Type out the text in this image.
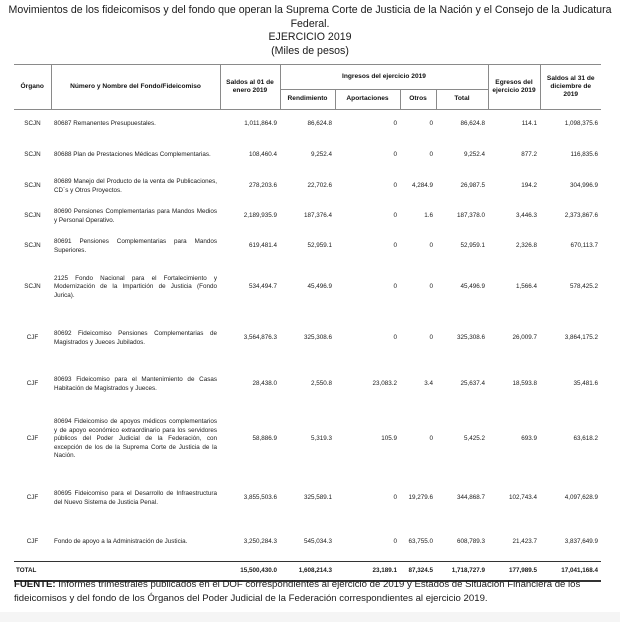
Movimientos de los fideicomisos y del fondo que operan la Suprema Corte de Justicia de la Nación y el Consejo de la Judicatura
Federal.
EJERCICIO 2019
(Miles de pesos)
Órgano	Número y Nombre del Fondo/Fideicomiso	Saldos al 01 de enero 2019	Ingresos del ejercicio 2019				Egresos del ejercicio 2019	Saldos al 31 de diciembre de 2019
			Rendimiento	Aportaciones	Otros	Total		
SCJN	80687 Remanentes Presupuestales.	1,011,864.9	86,624.8	0	0	86,624.8	114.1	1,098,375.6
SCJN	80688 Plan de Prestaciones Médicas Complementarias.	108,460.4	9,252.4	0	0	9,252.4	877.2	116,835.6
SCJN	80689 Manejo del Producto de la venta de Publicaciones, CD´s y Otros Proyectos.	278,203.6	22,702.6	0	4,284.9	26,987.5	194.2	304,996.9
SCJN	80690 Pensiones Complementarias para Mandos Medios y Personal Operativo.	2,189,935.9	187,376.4	0	1.6	187,378.0	3,446.3	2,373,867.6
SCJN	80691 Pensiones Complementarias para Mandos Superiores.	619,481.4	52,959.1	0	0	52,959.1	2,326.8	670,113.7
SCJN	2125 Fondo Nacional para el Fortalecimiento y Modernización de la Impartición de Justicia (Fondo Jurica).	534,494.7	45,496.9	0	0	45,496.9	1,566.4	578,425.2
CJF	80692 Fideicomiso Pensiones Complementarias de Magistrados y Jueces Jubilados.	3,564,876.3	325,308.6	0	0	325,308.6	26,009.7	3,864,175.2
CJF	80693 Fideicomiso para el Mantenimiento de Casas Habitación de Magistrados y Jueces.	28,438.0	2,550.8	23,083.2	3.4	25,637.4	18,593.8	35,481.6
CJF	80694 Fideicomiso de apoyos médicos complementarios y de apoyo económico extraordinario para los servidores públicos del Poder Judicial de la Federación, con excepción de los de la Suprema Corte de Justicia de la Nación.	58,886.9	5,319.3	105.9	0	5,425.2	693.9	63,618.2
CJF	80695 Fideicomiso para el Desarrollo de Infraestructura del Nuevo Sistema de Justicia Penal.	3,855,503.6	325,589.1	0	19,279.6	344,868.7	102,743.4	4,097,628.9
CJF	Fondo de apoyo a la Administración de Justicia.	3,250,284.3	545,034.3	0	63,755.0	608,789.3	21,423.7	3,837,649.9
TOTAL		15,500,430.0	1,608,214.3	23,189.1	87,324.5	1,718,727.9	177,989.5	17,041,168.4
FUENTE: Informes trimestrales publicados en el DOF correspondientes al ejercicio de 2019 y Estados de Situación Financiera de los fideicomisos y del fondo de los Órganos del Poder Judicial de la Federación correspondientes al ejercicio 2019.
